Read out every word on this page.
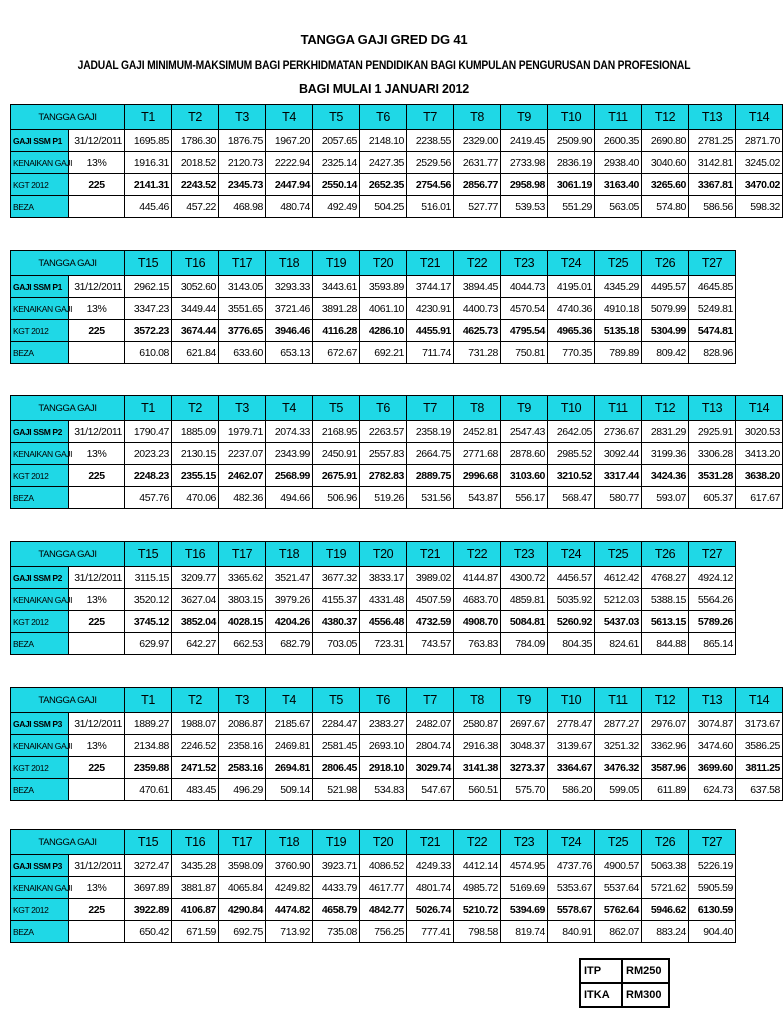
TANGGA GAJI GRED DG 41
JADUAL GAJI MINIMUM-MAKSIMUM BAGI PERKHIDMATAN PENDIDIKAN BAGI KUMPULAN PENGURUSAN DAN PROFESIONAL
BAGI MULAI 1 JANUARI 2012
TANGGA GAJI		T1	T2	T3	T4	T5	T6	T7	T8	T9	T10	T11	T12	T13	T14
GAJI SSM P1	31/12/2011	1695.85	1786.30	1876.75	1967.20	2057.65	2148.10	2238.55	2329.00	2419.45	2509.90	2600.35	2690.80	2781.25	2871.70
KENAIKAN GAJI	13%	1916.31	2018.52	2120.73	2222.94	2325.14	2427.35	2529.56	2631.77	2733.98	2836.19	2938.40	3040.60	3142.81	3245.02
KGT 2012	225	2141.31	2243.52	2345.73	2447.94	2550.14	2652.35	2754.56	2856.77	2958.98	3061.19	3163.40	3265.60	3367.81	3470.02
BEZA		445.46	457.22	468.98	480.74	492.49	504.25	516.01	527.77	539.53	551.29	563.05	574.80	586.56	598.32
TANGGA GAJI		T15	T16	T17	T18	T19	T20	T21	T22	T23	T24	T25	T26	T27
GAJI SSM P1	31/12/2011	2962.15	3052.60	3143.05	3293.33	3443.61	3593.89	3744.17	3894.45	4044.73	4195.01	4345.29	4495.57	4645.85
KENAIKAN GAJI	13%	3347.23	3449.44	3551.65	3721.46	3891.28	4061.10	4230.91	4400.73	4570.54	4740.36	4910.18	5079.99	5249.81
KGT 2012	225	3572.23	3674.44	3776.65	3946.46	4116.28	4286.10	4455.91	4625.73	4795.54	4965.36	5135.18	5304.99	5474.81
BEZA		610.08	621.84	633.60	653.13	672.67	692.21	711.74	731.28	750.81	770.35	789.89	809.42	828.96
TANGGA GAJI		T1	T2	T3	T4	T5	T6	T7	T8	T9	T10	T11	T12	T13	T14
GAJI SSM P2	31/12/2011	1790.47	1885.09	1979.71	2074.33	2168.95	2263.57	2358.19	2452.81	2547.43	2642.05	2736.67	2831.29	2925.91	3020.53
KENAIKAN GAJI	13%	2023.23	2130.15	2237.07	2343.99	2450.91	2557.83	2664.75	2771.68	2878.60	2985.52	3092.44	3199.36	3306.28	3413.20
KGT 2012	225	2248.23	2355.15	2462.07	2568.99	2675.91	2782.83	2889.75	2996.68	3103.60	3210.52	3317.44	3424.36	3531.28	3638.20
BEZA		457.76	470.06	482.36	494.66	506.96	519.26	531.56	543.87	556.17	568.47	580.77	593.07	605.37	617.67
TANGGA GAJI		T15	T16	T17	T18	T19	T20	T21	T22	T23	T24	T25	T26	T27
GAJI SSM P2	31/12/2011	3115.15	3209.77	3365.62	3521.47	3677.32	3833.17	3989.02	4144.87	4300.72	4456.57	4612.42	4768.27	4924.12
KENAIKAN GAJI	13%	3520.12	3627.04	3803.15	3979.26	4155.37	4331.48	4507.59	4683.70	4859.81	5035.92	5212.03	5388.15	5564.26
KGT 2012	225	3745.12	3852.04	4028.15	4204.26	4380.37	4556.48	4732.59	4908.70	5084.81	5260.92	5437.03	5613.15	5789.26
BEZA		629.97	642.27	662.53	682.79	703.05	723.31	743.57	763.83	784.09	804.35	824.61	844.88	865.14
TANGGA GAJI		T1	T2	T3	T4	T5	T6	T7	T8	T9	T10	T11	T12	T13	T14
GAJI SSM P3	31/12/2011	1889.27	1988.07	2086.87	2185.67	2284.47	2383.27	2482.07	2580.87	2697.67	2778.47	2877.27	2976.07	3074.87	3173.67
KENAIKAN GAJI	13%	2134.88	2246.52	2358.16	2469.81	2581.45	2693.10	2804.74	2916.38	3048.37	3139.67	3251.32	3362.96	3474.60	3586.25
KGT 2012	225	2359.88	2471.52	2583.16	2694.81	2806.45	2918.10	3029.74	3141.38	3273.37	3364.67	3476.32	3587.96	3699.60	3811.25
BEZA		470.61	483.45	496.29	509.14	521.98	534.83	547.67	560.51	575.70	586.20	599.05	611.89	624.73	637.58
TANGGA GAJI		T15	T16	T17	T18	T19	T20	T21	T22	T23	T24	T25	T26	T27
GAJI SSM P3	31/12/2011	3272.47	3435.28	3598.09	3760.90	3923.71	4086.52	4249.33	4412.14	4574.95	4737.76	4900.57	5063.38	5226.19
KENAIKAN GAJI	13%	3697.89	3881.87	4065.84	4249.82	4433.79	4617.77	4801.74	4985.72	5169.69	5353.67	5537.64	5721.62	5905.59
KGT 2012	225	3922.89	4106.87	4290.84	4474.82	4658.79	4842.77	5026.74	5210.72	5394.69	5578.67	5762.64	5946.62	6130.59
BEZA		650.42	671.59	692.75	713.92	735.08	756.25	777.41	798.58	819.74	840.91	862.07	883.24	904.40
ITP	RM250
ITKA	RM300
